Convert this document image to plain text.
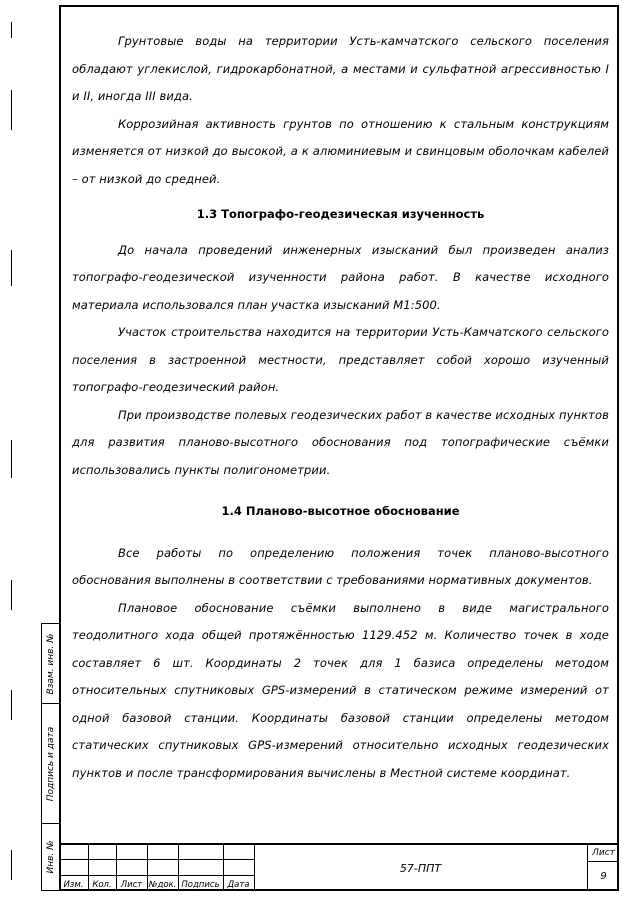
Взам. инв. №
Подпись и дата
Инв. №

Грунтовые воды на территории Усть-камчатского сельского поселения обладают углекислой, гидрокарбонатной, а местами и сульфатной агрессивностью I и II, иногда III вида.

Коррозийная активность грунтов по отношению к стальным конструкциям изменяется от низкой до высокой, а к алюминиевым и свинцовым оболочкам кабелей – от низкой до средней.

1.3 Топографо-геодезическая изученность

До начала проведений инженерных изысканий был произведен анализ топографо-геодезической изученности района работ. В качестве исходного материала использовался план участка изысканий М1:500.

Участок строительства находится на территории Усть-Камчатского сельского поселения в застроенной местности, представляет собой хорошо изученный топографо-геодезический район.

При производстве полевых геодезических работ в качестве исходных пунктов для развития планово-высотного обоснования под топографические съёмки использовались пункты полигонометрии.

1.4 Планово-высотное обоснование

Все работы по определению положения точек планово-высотного обоснования выполнены в соответствии с требованиями нормативных документов.

Плановое обоснование съёмки выполнено в виде магистрального теодолитного хода общей протяжённостью 1129.452 м. Количество точек в ходе составляет 6 шт. Координаты 2 точек для 1 базиса определены методом относительных спутниковых GPS-измерений в статическом режиме измерений от одной базовой станции. Координаты базовой станции определены методом статических спутниковых GPS-измерений относительно исходных геодезических пунктов и после трансформирования вычислены в Местной системе координат.

Изм.	Кол.	Лист №док. Подпись Дата
57-ППТ
Лист
9
